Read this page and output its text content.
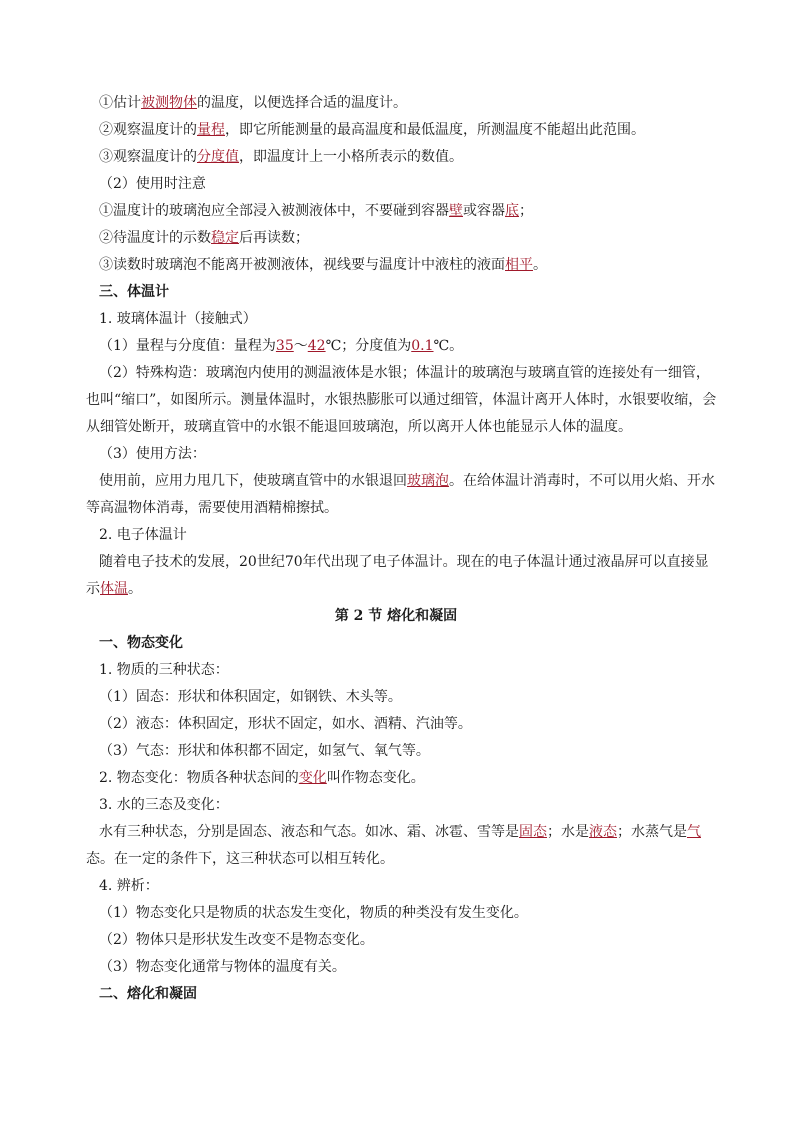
①估计被测物体的温度，以便选择合适的温度计。
②观察温度计的量程，即它所能测量的最高温度和最低温度，所测温度不能超出此范围。
③观察温度计的分度值，即温度计上一小格所表示的数值。
（2）使用时注意
①温度计的玻璃泡应全部浸入被测液体中，不要碰到容器壁或容器底；
②待温度计的示数稳定后再读数；
③读数时玻璃泡不能离开被测液体，视线要与温度计中液柱的液面相平。
三、体温计
1. 玻璃体温计（接触式）
（1）量程与分度值：量程为35～42℃；分度值为0.1℃。
（2）特殊构造：玻璃泡内使用的测温液体是水银；体温计的玻璃泡与玻璃直管的连接处有一细管，
也叫“缩口”，如图所示。测量体温时，水银热膨胀可以通过细管，体温计离开人体时，水银要收缩，会
从细管处断开，玻璃直管中的水银不能退回玻璃泡，所以离开人体也能显示人体的温度。
（3）使用方法：
使用前，应用力甩几下，使玻璃直管中的水银退回玻璃泡。在给体温计消毒时，不可以用火焰、开水
等高温物体消毒，需要使用酒精棉擦拭。
2. 电子体温计
随着电子技术的发展，20世纪70年代出现了电子体温计。现在的电子体温计通过液晶屏可以直接显
示体温。
第 2 节 熔化和凝固
一、物态变化
1. 物质的三种状态：
（1）固态：形状和体积固定，如钢铁、木头等。
（2）液态：体积固定，形状不固定，如水、酒精、汽油等。
（3）气态：形状和体积都不固定，如氢气、氧气等。
2. 物态变化：物质各种状态间的变化叫作物态变化。
3. 水的三态及变化：
水有三种状态，分别是固态、液态和气态。如冰、霜、冰雹、雪等是固态；水是液态；水蒸气是气
态。在一定的条件下，这三种状态可以相互转化。
4. 辨析：
（1）物态变化只是物质的状态发生变化，物质的种类没有发生变化。
（2）物体只是形状发生改变不是物态变化。
（3）物态变化通常与物体的温度有关。
二、熔化和凝固
